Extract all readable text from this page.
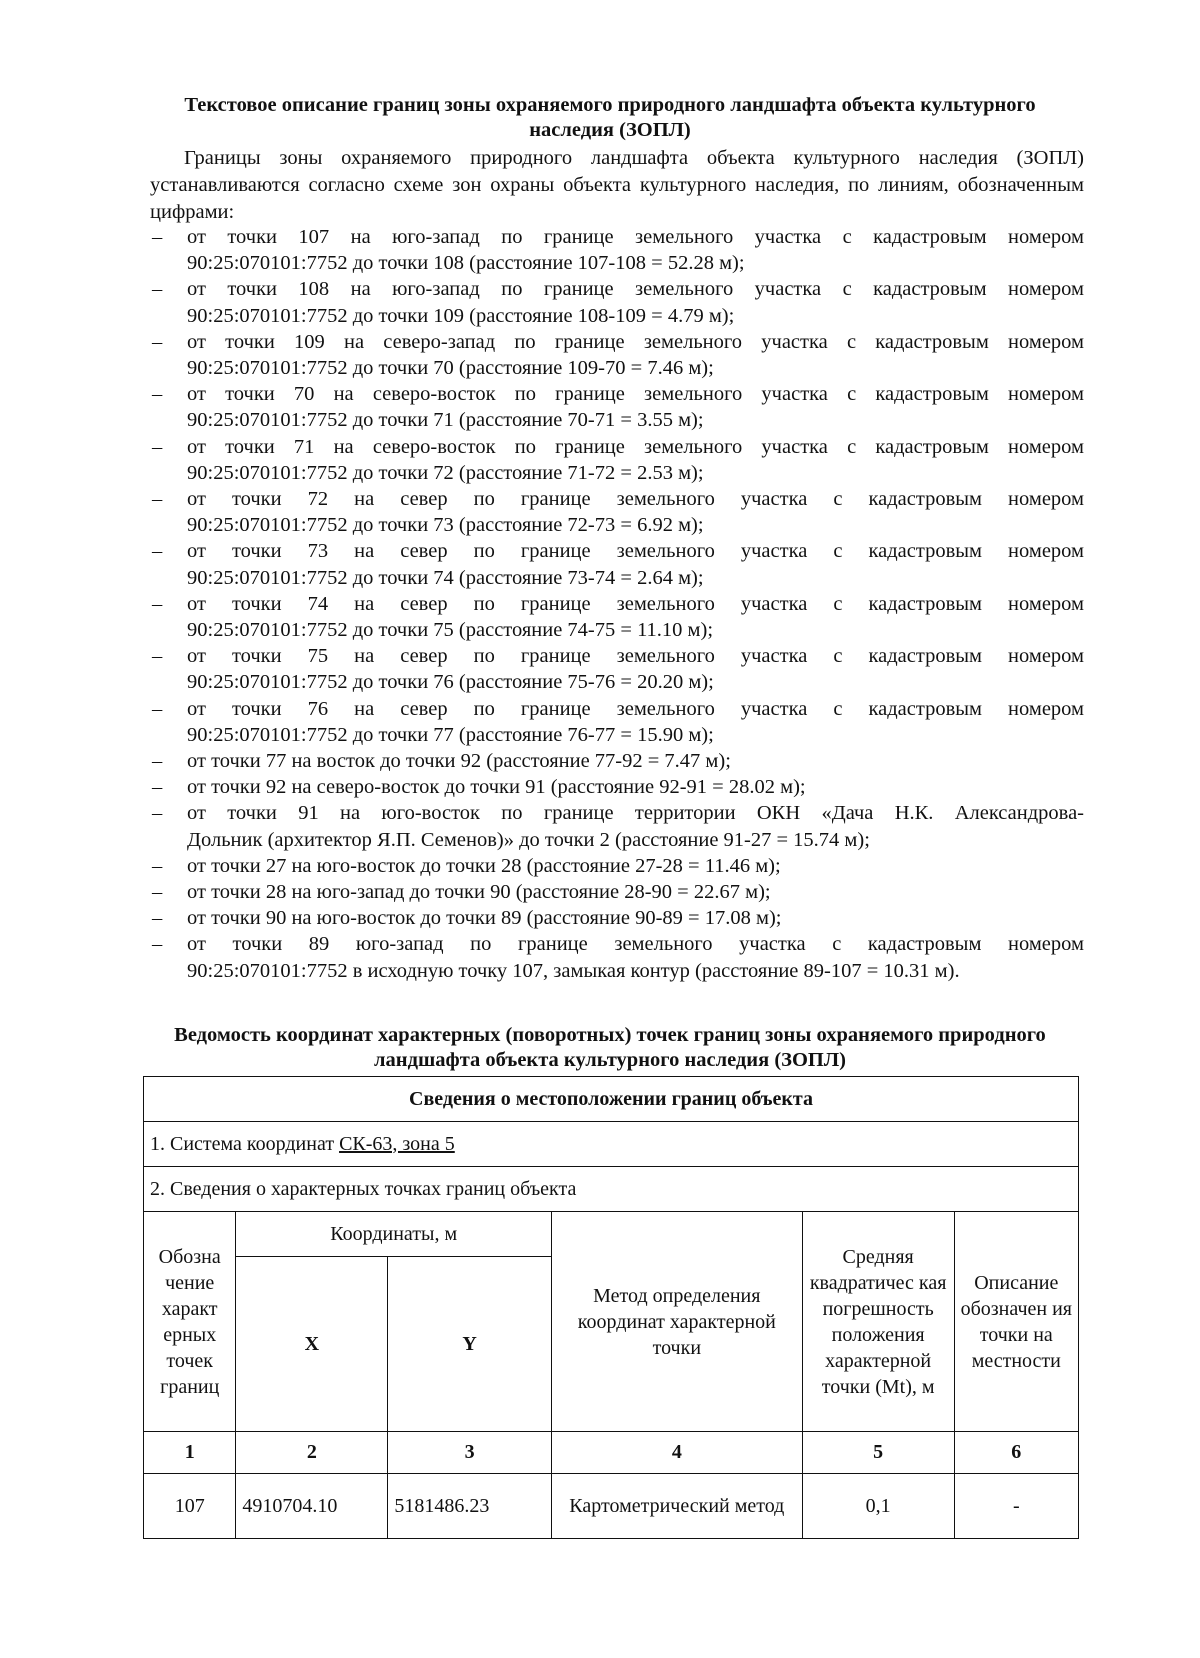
Текстовое описание границ зоны охраняемого природного ландшафта объекта культурного наследия (ЗОПЛ)

Границы зоны охраняемого природного ландшафта объекта культурного наследия (ЗОПЛ) устанавливаются согласно схеме зон охраны объекта культурного наследия, по линиям, обозначенным цифрами:

– от точки 107 на юго-запад по границе земельного участка с кадастровым номером
90:25:070101:7752 до точки 108 (расстояние 107-108 = 52.28 м);
– от точки 108 на юго-запад по границе земельного участка с кадастровым номером
90:25:070101:7752 до точки 109 (расстояние 108-109 = 4.79 м);
– от точки 109 на северо-запад по границе земельного участка с кадастровым номером
90:25:070101:7752 до точки 70 (расстояние 109-70 = 7.46 м);
– от точки 70 на северо-восток по границе земельного участка с кадастровым номером
90:25:070101:7752 до точки 71 (расстояние 70-71 = 3.55 м);
– от точки 71 на северо-восток по границе земельного участка с кадастровым номером
90:25:070101:7752 до точки 72 (расстояние 71-72 = 2.53 м);
– от точки 72 на север по границе земельного участка с кадастровым номером
90:25:070101:7752 до точки 73 (расстояние 72-73 = 6.92 м);
– от точки 73 на север по границе земельного участка с кадастровым номером
90:25:070101:7752 до точки 74 (расстояние 73-74 = 2.64 м);
– от точки 74 на север по границе земельного участка с кадастровым номером
90:25:070101:7752 до точки 75 (расстояние 74-75 = 11.10 м);
– от точки 75 на север по границе земельного участка с кадастровым номером
90:25:070101:7752 до точки 76 (расстояние 75-76 = 20.20 м);
– от точки 76 на север по границе земельного участка с кадастровым номером
90:25:070101:7752 до точки 77 (расстояние 76-77 = 15.90 м);
– от точки 77 на восток до точки 92 (расстояние 77-92 = 7.47 м);
– от точки 92 на северо-восток до точки 91 (расстояние 92-91 = 28.02 м);
– от точки 91 на юго-восток по границе территории ОКН «Дача Н.К. Александрова-
Дольник (архитектор Я.П. Семенов)» до точки 2 (расстояние 91-27 = 15.74 м);
– от точки 27 на юго-восток до точки 28 (расстояние 27-28 = 11.46 м);
– от точки 28 на юго-запад до точки 90 (расстояние 28-90 = 22.67 м);
– от точки 90 на юго-восток до точки 89 (расстояние 90-89 = 17.08 м);
– от точки 89 юго-запад по границе земельного участка с кадастровым номером
90:25:070101:7752 в исходную точку 107, замыкая контур (расстояние 89-107 = 10.31 м).
Ведомость координат характерных (поворотных) точек границ зоны охраняемого природного ландшафта объекта культурного наследия (ЗОПЛ)
Сведения о местоположении границ объекта					
1. Система координат СК-63, зона 5					
2. Сведения о характерных точках границ объекта					
Обозна чение характ ерных точек границ	Координаты, м		Метод определения координат характерной точки	Средняя квадратичес кая погрешность положения характерной точки (Mt), м	Описание обозначен ия точки на местности
	X	Y			
1	2	3	4	5	6
107	4910704.10	5181486.23	Картометрический метод	0,1	-
